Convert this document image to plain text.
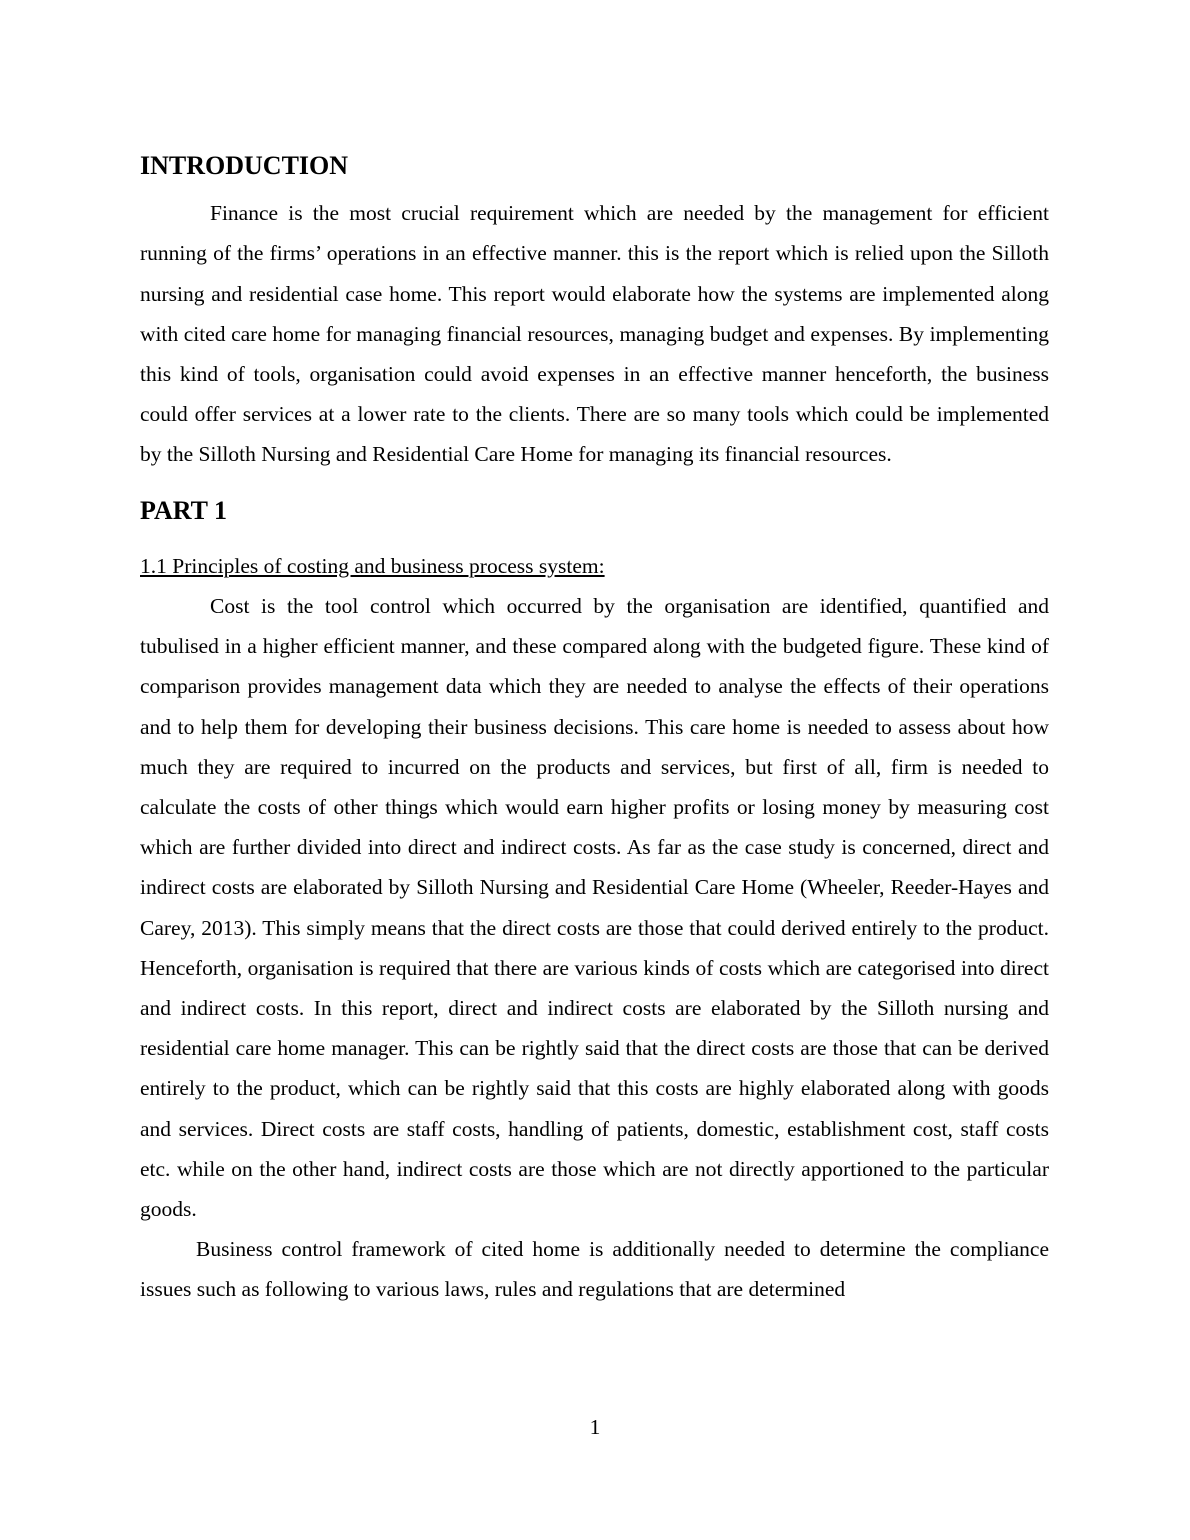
INTRODUCTION

Finance is the most crucial requirement which are needed by the management for efficient running of the firms’ operations in an effective manner. this is the report which is relied upon the Silloth nursing and residential case home. This report would elaborate how the systems are implemented along with cited care home for managing financial resources, managing budget and expenses. By implementing this kind of tools, organisation could avoid expenses in an effective manner henceforth, the business could offer services at a lower rate to the clients. There are so many tools which could be implemented by the Silloth Nursing and Residential Care Home for managing its financial resources.

PART 1

1.1 Principles of costing and business process system:

Cost is the tool control which occurred by the organisation are identified, quantified and tubulised in a higher efficient manner, and these compared along with the budgeted figure. These kind of comparison provides management data which they are needed to analyse the effects of their operations and to help them for developing their business decisions. This care home is needed to assess about how much they are required to incurred on the products and services, but first of all, firm is needed to calculate the costs of other things which would earn higher profits or losing money by measuring cost which are further divided into direct and indirect costs. As far as the case study is concerned, direct and indirect costs are elaborated by Silloth Nursing and Residential Care Home (Wheeler, Reeder-Hayes and Carey, 2013). This simply means that the direct costs are those that could derived entirely to the product. Henceforth, organisation is required that there are various kinds of costs which are categorised into direct and indirect costs. In this report, direct and indirect costs are elaborated by the Silloth nursing and residential care home manager. This can be rightly said that the direct costs are those that can be derived entirely to the product, which can be rightly said that this costs are highly elaborated along with goods and services. Direct costs are staff costs, handling of patients, domestic, establishment cost, staff costs etc. while on the other hand, indirect costs are those which are not directly apportioned to the particular goods.

Business control framework of cited home is additionally needed to determine the compliance issues such as following to various laws, rules and regulations that are determined

1
